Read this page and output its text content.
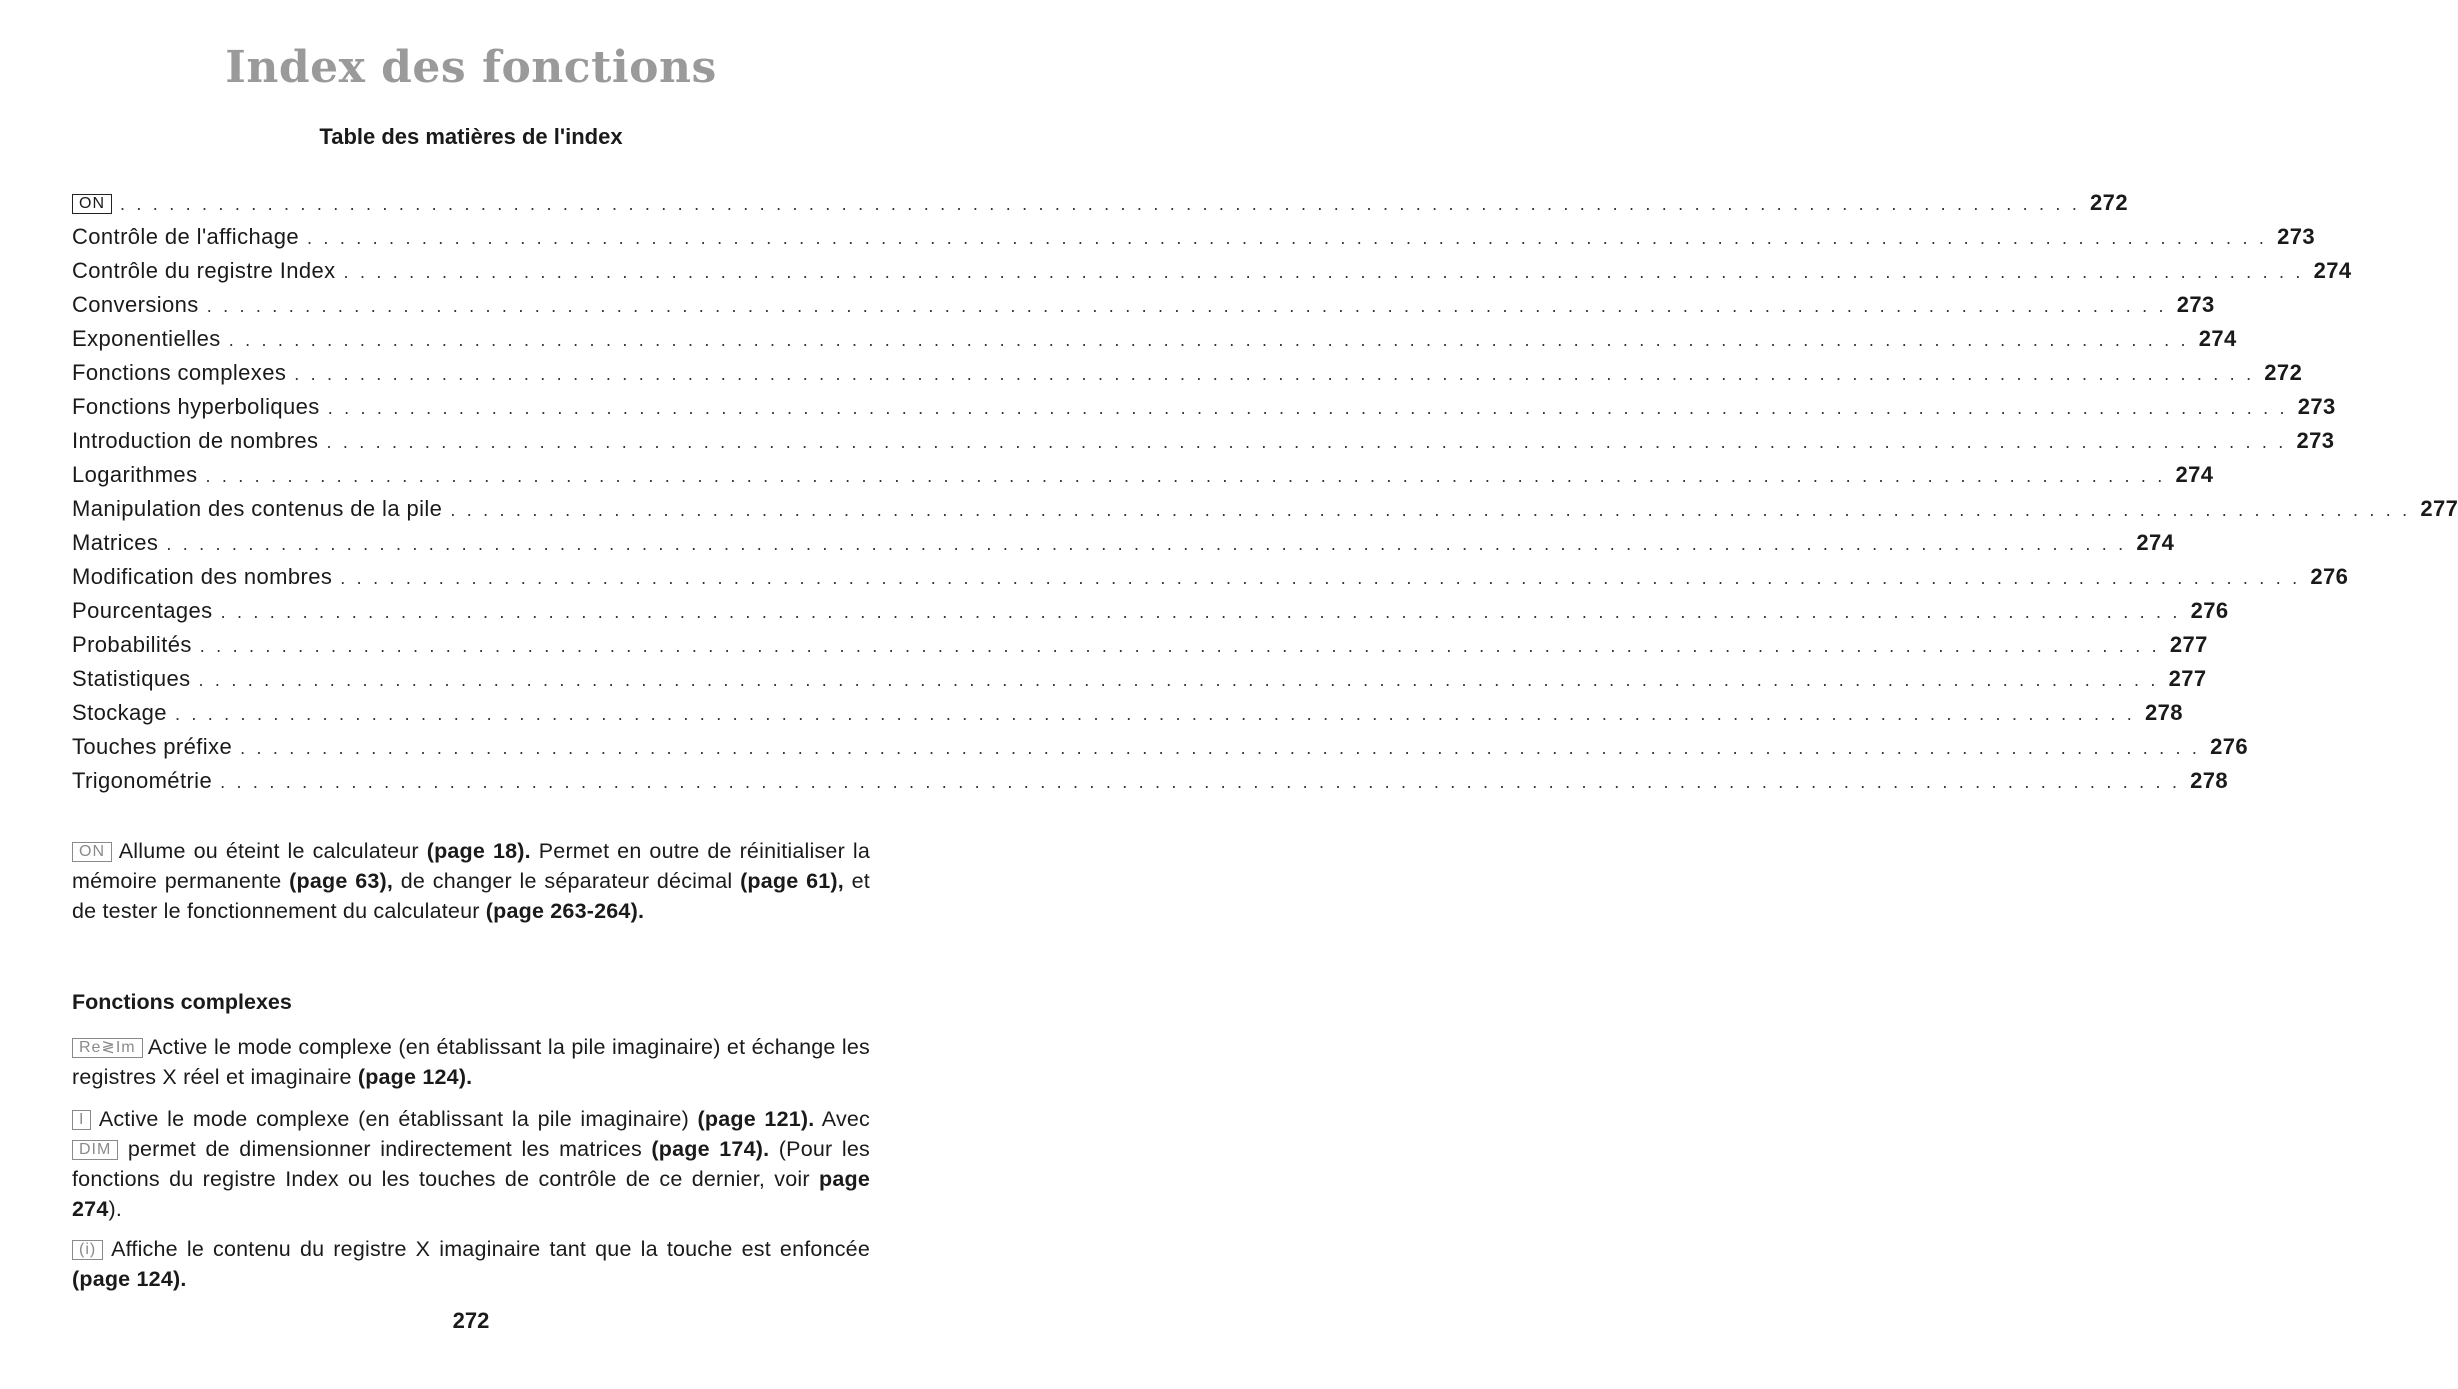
Index des fonctions
Table des matières de l'index
ON . . . . . . . . . . . . . . . . . . . . . . . . . . . . . . . . . . . . . . . . . . . . . . . . . . . . . . . . . . . . . . . . . . . . . . . . . . . . . . . . . . . . . . . . . . . . . . . . . . . . . . . . . . . . . . . . . . . . . . . . 272
Contrôle de l'affichage . . . . . . . . . . . . . . . . . . . . . . . . . . . . . . . . . . . . . . . . . . . . . . . . . . . . . . . . . . . . . . . . . . . . . . . . . . . . . . . . . . . . . . . . . . . . . . . . . . . . . . . . . . . . . . . . . . . . . . . . 273
Contrôle du registre Index . . . . . . . . . . . . . . . . . . . . . . . . . . . . . . . . . . . . . . . . . . . . . . . . . . . . . . . . . . . . . . . . . . . . . . . . . . . . . . . . . . . . . . . . . . . . . . . . . . . . . . . . . . . . . . . . . . . . . . . . 274
Conversions . . . . . . . . . . . . . . . . . . . . . . . . . . . . . . . . . . . . . . . . . . . . . . . . . . . . . . . . . . . . . . . . . . . . . . . . . . . . . . . . . . . . . . . . . . . . . . . . . . . . . . . . . . . . . . . . . . . . . . . . 273
Exponentielles . . . . . . . . . . . . . . . . . . . . . . . . . . . . . . . . . . . . . . . . . . . . . . . . . . . . . . . . . . . . . . . . . . . . . . . . . . . . . . . . . . . . . . . . . . . . . . . . . . . . . . . . . . . . . . . . . . . . . . . . 274
Fonctions complexes . . . . . . . . . . . . . . . . . . . . . . . . . . . . . . . . . . . . . . . . . . . . . . . . . . . . . . . . . . . . . . . . . . . . . . . . . . . . . . . . . . . . . . . . . . . . . . . . . . . . . . . . . . . . . . . . . . . . . . . . 272
Fonctions hyperboliques . . . . . . . . . . . . . . . . . . . . . . . . . . . . . . . . . . . . . . . . . . . . . . . . . . . . . . . . . . . . . . . . . . . . . . . . . . . . . . . . . . . . . . . . . . . . . . . . . . . . . . . . . . . . . . . . . . . . . . . . 273
Introduction de nombres . . . . . . . . . . . . . . . . . . . . . . . . . . . . . . . . . . . . . . . . . . . . . . . . . . . . . . . . . . . . . . . . . . . . . . . . . . . . . . . . . . . . . . . . . . . . . . . . . . . . . . . . . . . . . . . . . . . . . . . . 273
Logarithmes . . . . . . . . . . . . . . . . . . . . . . . . . . . . . . . . . . . . . . . . . . . . . . . . . . . . . . . . . . . . . . . . . . . . . . . . . . . . . . . . . . . . . . . . . . . . . . . . . . . . . . . . . . . . . . . . . . . . . . . . 274
Manipulation des contenus de la pile . . . . . . . . . . . . . . . . . . . . . . . . . . . . . . . . . . . . . . . . . . . . . . . . . . . . . . . . . . . . . . . . . . . . . . . . . . . . . . . . . . . . . . . . . . . . . . . . . . . . . . . . . . . . . . . . . . . . . . . . 277
Matrices . . . . . . . . . . . . . . . . . . . . . . . . . . . . . . . . . . . . . . . . . . . . . . . . . . . . . . . . . . . . . . . . . . . . . . . . . . . . . . . . . . . . . . . . . . . . . . . . . . . . . . . . . . . . . . . . . . . . . . . . 274
Modification des nombres . . . . . . . . . . . . . . . . . . . . . . . . . . . . . . . . . . . . . . . . . . . . . . . . . . . . . . . . . . . . . . . . . . . . . . . . . . . . . . . . . . . . . . . . . . . . . . . . . . . . . . . . . . . . . . . . . . . . . . . . 276
Pourcentages . . . . . . . . . . . . . . . . . . . . . . . . . . . . . . . . . . . . . . . . . . . . . . . . . . . . . . . . . . . . . . . . . . . . . . . . . . . . . . . . . . . . . . . . . . . . . . . . . . . . . . . . . . . . . . . . . . . . . . . . 276
Probabilités . . . . . . . . . . . . . . . . . . . . . . . . . . . . . . . . . . . . . . . . . . . . . . . . . . . . . . . . . . . . . . . . . . . . . . . . . . . . . . . . . . . . . . . . . . . . . . . . . . . . . . . . . . . . . . . . . . . . . . . . 277
Statistiques . . . . . . . . . . . . . . . . . . . . . . . . . . . . . . . . . . . . . . . . . . . . . . . . . . . . . . . . . . . . . . . . . . . . . . . . . . . . . . . . . . . . . . . . . . . . . . . . . . . . . . . . . . . . . . . . . . . . . . . . 277
Stockage . . . . . . . . . . . . . . . . . . . . . . . . . . . . . . . . . . . . . . . . . . . . . . . . . . . . . . . . . . . . . . . . . . . . . . . . . . . . . . . . . . . . . . . . . . . . . . . . . . . . . . . . . . . . . . . . . . . . . . . . 278
Touches préfixe . . . . . . . . . . . . . . . . . . . . . . . . . . . . . . . . . . . . . . . . . . . . . . . . . . . . . . . . . . . . . . . . . . . . . . . . . . . . . . . . . . . . . . . . . . . . . . . . . . . . . . . . . . . . . . . . . . . . . . . . 276
Trigonométrie . . . . . . . . . . . . . . . . . . . . . . . . . . . . . . . . . . . . . . . . . . . . . . . . . . . . . . . . . . . . . . . . . . . . . . . . . . . . . . . . . . . . . . . . . . . . . . . . . . . . . . . . . . . . . . . . . . . . . . . . 278
ON Allume ou éteint le calculateur (page 18). Permet en outre de réinitialiser la mémoire permanente (page 63), de changer le séparateur décimal (page 61), et de tester le fonctionnement du calculateur (page 263-264).
Fonctions complexes
Re≷Im Active le mode complexe (en établissant la pile imaginaire) et échange les registres X réel et imaginaire (page 124).
I Active le mode complexe (en établissant la pile imaginaire) (page 121). Avec DIM permet de dimensionner indirectement les matrices (page 174). (Pour les fonctions du registre Index ou les touches de contrôle de ce dernier, voir page 274).
(i) Affiche le contenu du registre X imaginaire tant que la touche est enfoncée (page 124).
272
